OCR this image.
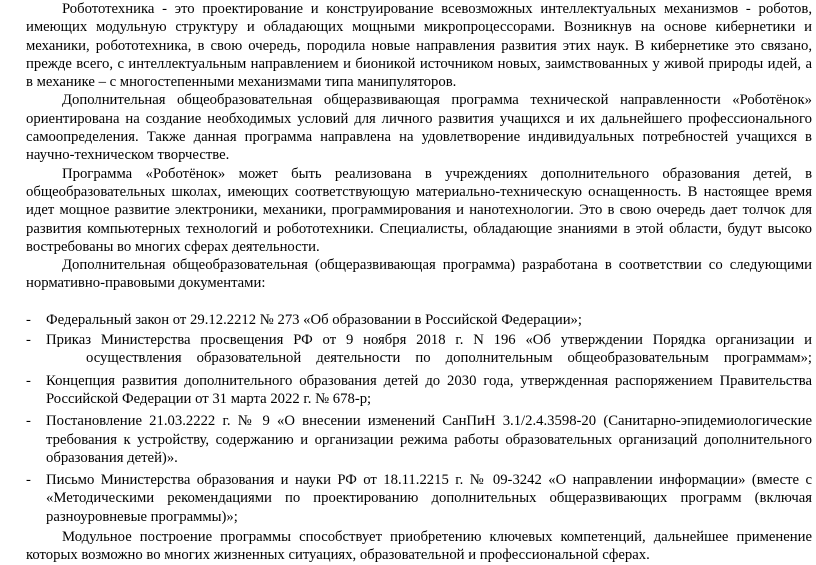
Робототехника - это проектирование и конструирование всевозможных интеллектуальных механизмов - роботов, имеющих модульную структуру и обладающих мощными микропроцессорами. Возникнув на основе кибернетики и механики, робототехника, в свою очередь, породила новые направления развития этих наук. В кибернетике это связано, прежде всего, с интеллектуальным направлением и бионикой источником новых, заимствованных у живой природы идей, а в механике – с многостепенными механизмами типа манипуляторов.

Дополнительная общеобразовательная общеразвивающая программа технической направленности «Роботёнок» ориентирована на создание необходимых условий для личного развития учащихся и их дальнейшего профессионального самоопределения. Также данная программа направлена на удовлетворение индивидуальных потребностей учащихся в научно-техническом творчестве.

Программа «Роботёнок» может быть реализована в учреждениях дополнительного образования детей, в общеобразовательных школах, имеющих соответствующую материально-техническую оснащенность. В настоящее время идет мощное развитие электроники, механики, программирования и нанотехнологии. Это в свою очередь дает толчок для развития компьютерных технологий и робототехники. Специалисты, обладающие знаниями в этой области, будут высоко востребованы во многих сферах деятельности.

Дополнительная общеобразовательная (общеразвивающая программа) разработана в соответствии со следующими нормативно-правовыми документами:

- Федеральный закон от 29.12.2212 № 273 «Об образовании в Российской Федерации»;
- Приказ Министерства просвещения РФ от 9 ноября 2018 г. N 196 «Об утверждении Порядка организации и
осуществления образовательной деятельности по дополнительным общеобразовательным программам»;
- Концепция развития дополнительного образования детей до 2030 года, утвержденная распоряжением Правительства Российской Федерации от 31 марта 2022 г. № 678-р;
- Постановление 21.03.2222 г. № 9 «О внесении изменений СанПиН 3.1/2.4.3598-20 (Санитарно-эпидемиологические требования к устройству, содержанию и организации режима работы образовательных организаций дополнительного образования детей)».
- Письмо Министерства образования и науки РФ от 18.11.2215 г. № 09-3242 «О направлении информации» (вместе с «Методическими рекомендациями по проектированию дополнительных общеразвивающих программ (включая разноуровневые программы)»;

Модульное построение программы способствует приобретению ключевых компетенций, дальнейшее применение которых возможно во многих жизненных ситуациях, образовательной и профессиональной сферах.
